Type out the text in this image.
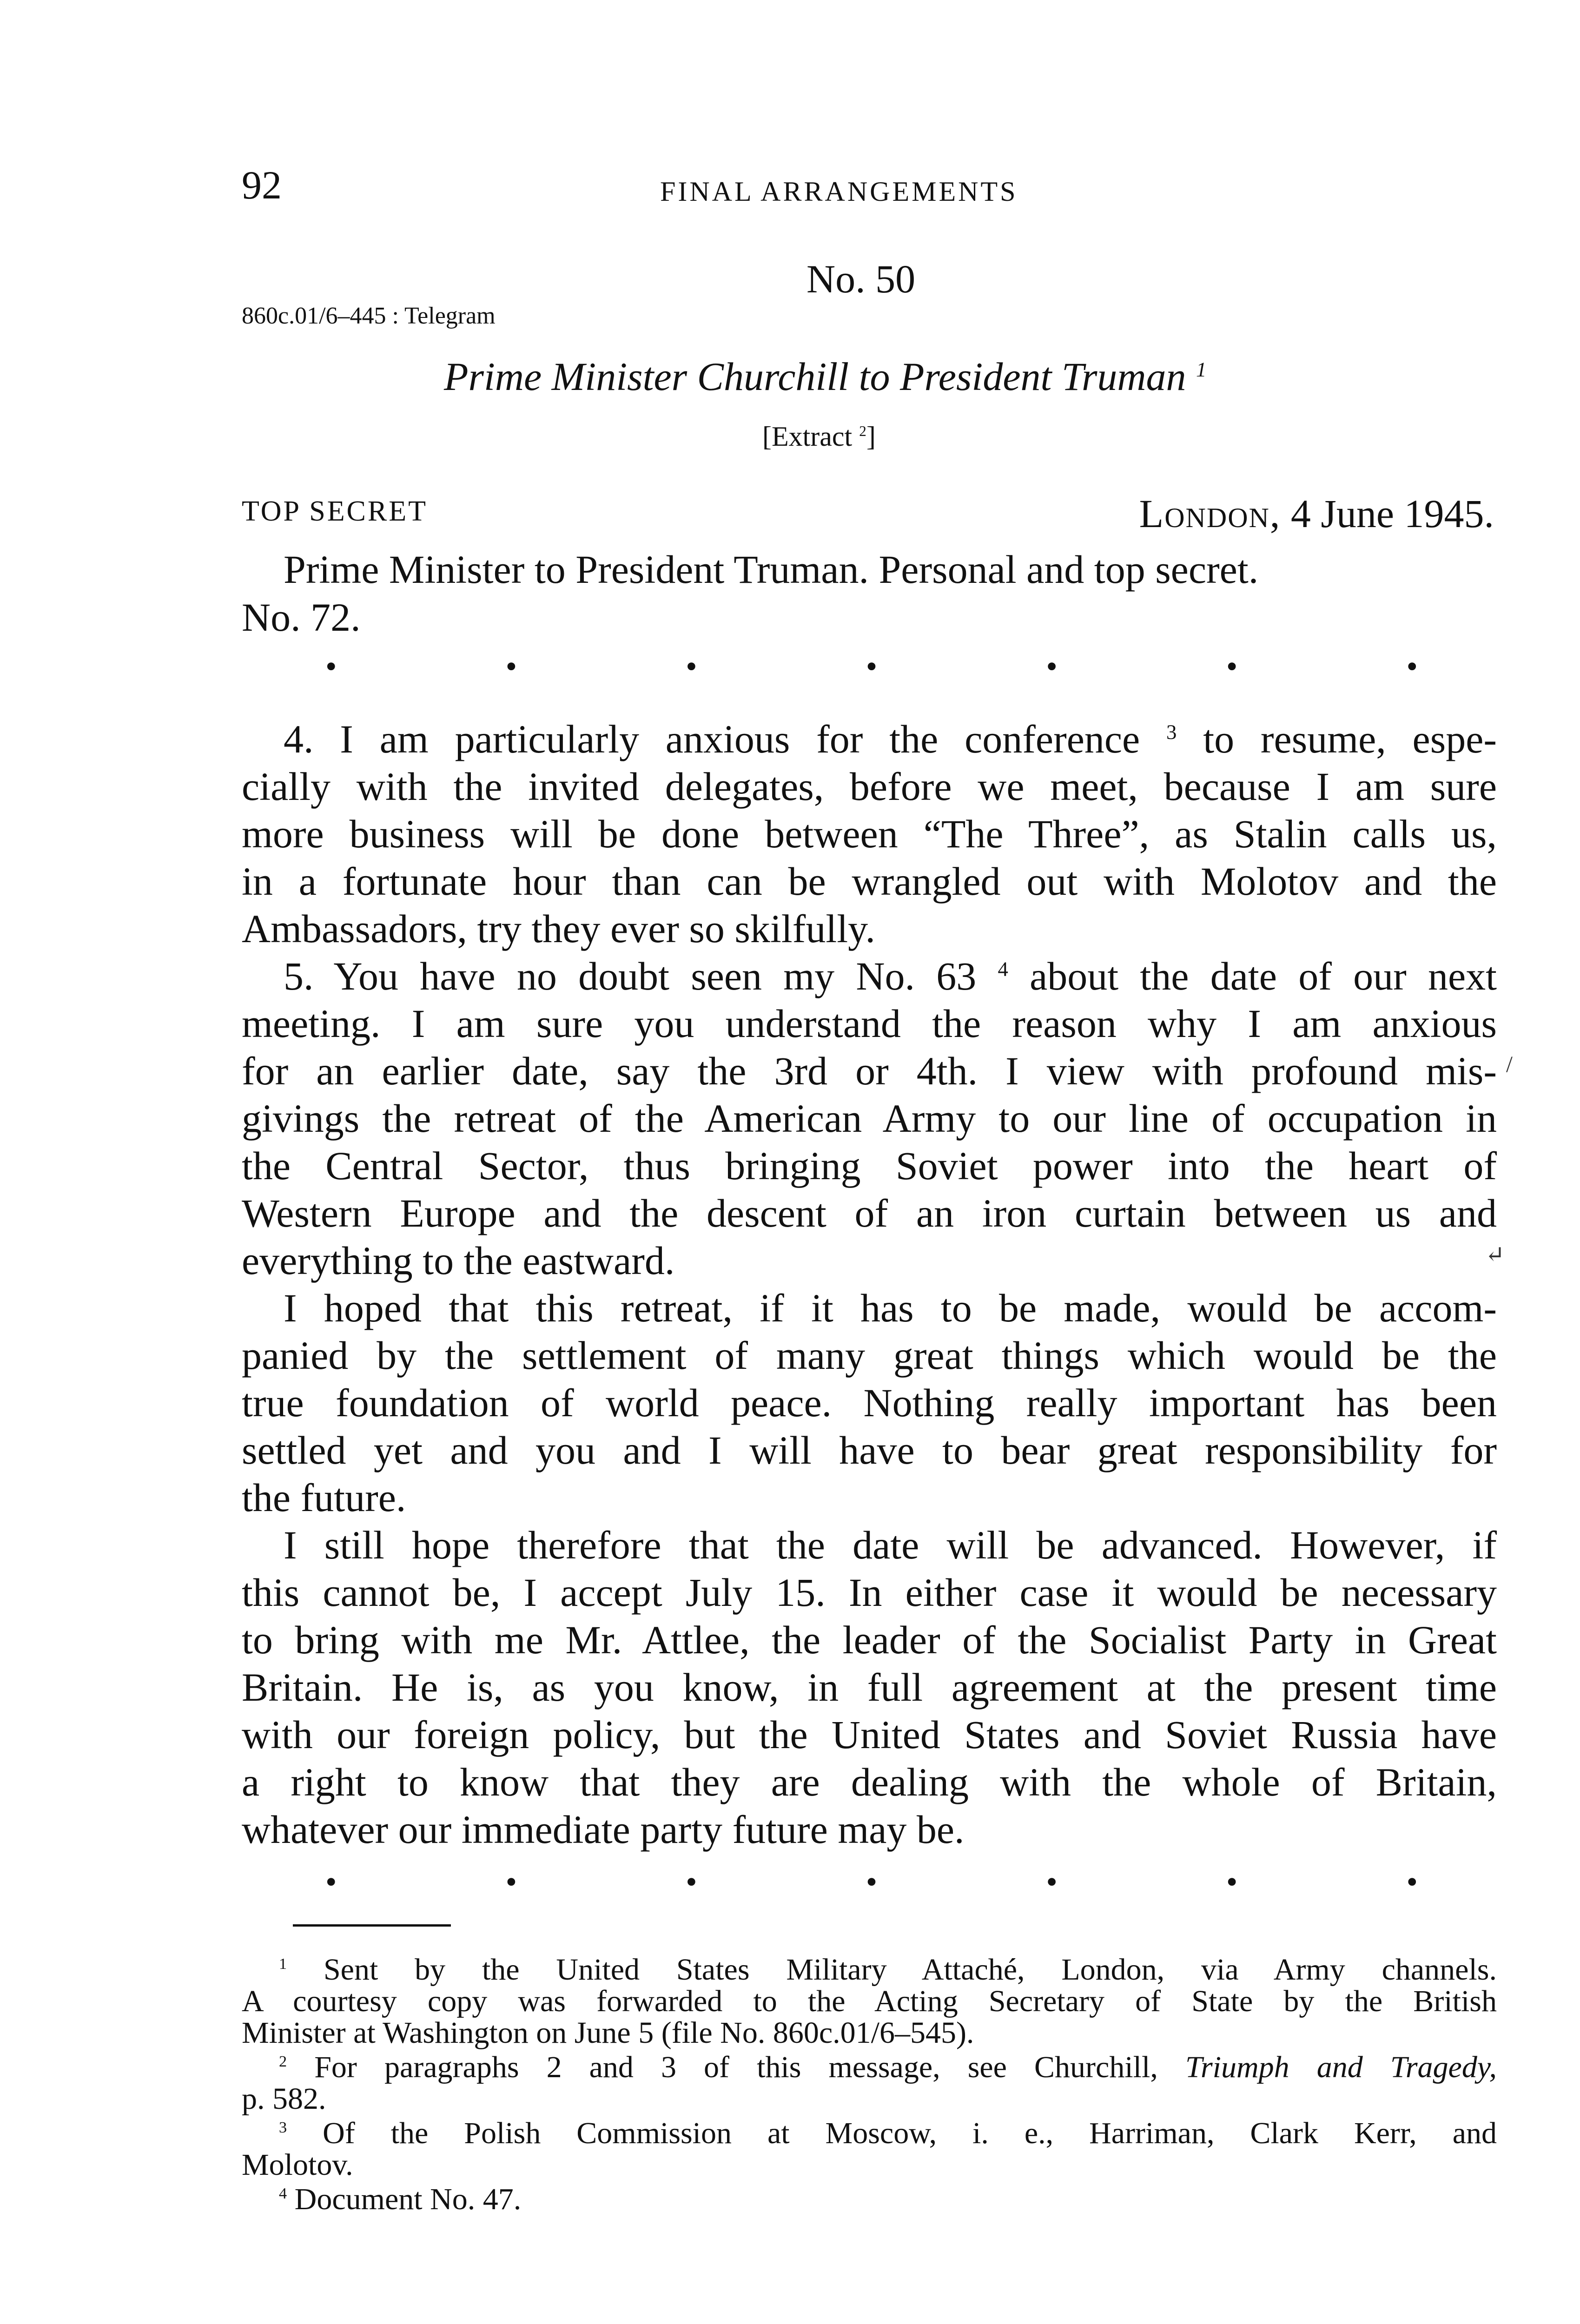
92	FINAL ARRANGEMENTS
No. 50
860c.01/6–445 : Telegram
Prime Minister Churchill to President Truman $^1$
[Extract $^2$]
TOP SECRET	London, 4 June 1945.
Prime Minister to President Truman. Personal and top secret.
No. 72.
•	•	•	•	•	•	•
4. I am particularly anxious for the conference $^3$ to resume, espe-
cially with the invited delegates, before we meet, because I am sure
more business will be done between “The Three”, as Stalin calls us,
in a fortunate hour than can be wrangled out with Molotov and the
Ambassadors, try they ever so skilfully.
5. You have no doubt seen my No. 63 $^4$ about the date of our next
meeting. I am sure you understand the reason why I am anxious
for an earlier date, say the 3rd or 4th. I view with profound mis- /
givings the retreat of the American Army to our line of occupation in
the Central Sector, thus bringing Soviet power into the heart of
Western Europe and the descent of an iron curtain between us and
everything to the eastward.	↵
I hoped that this retreat, if it has to be made, would be accom-
panied by the settlement of many great things which would be the
true foundation of world peace. Nothing really important has been
settled yet and you and I will have to bear great responsibility for
the future.
I still hope therefore that the date will be advanced. However, if
this cannot be, I accept July 15. In either case it would be necessary
to bring with me Mr. Attlee, the leader of the Socialist Party in Great
Britain. He is, as you know, in full agreement at the present time
with our foreign policy, but the United States and Soviet Russia have
a right to know that they are dealing with the whole of Britain,
whatever our immediate party future may be.
•	•	•	•	•	•	•
$^1$ Sent by the United States Military Attaché, London, via Army channels.
A courtesy copy was forwarded to the Acting Secretary of State by the British
Minister at Washington on June 5 (file No. 860c.01/6–545).
$^2$ For paragraphs 2 and 3 of this message, see Churchill, Triumph and Tragedy,
p. 582.
$^3$ Of the Polish Commission at Moscow, i. e., Harriman, Clark Kerr, and
Molotov.
$^4$ Document No. 47.
